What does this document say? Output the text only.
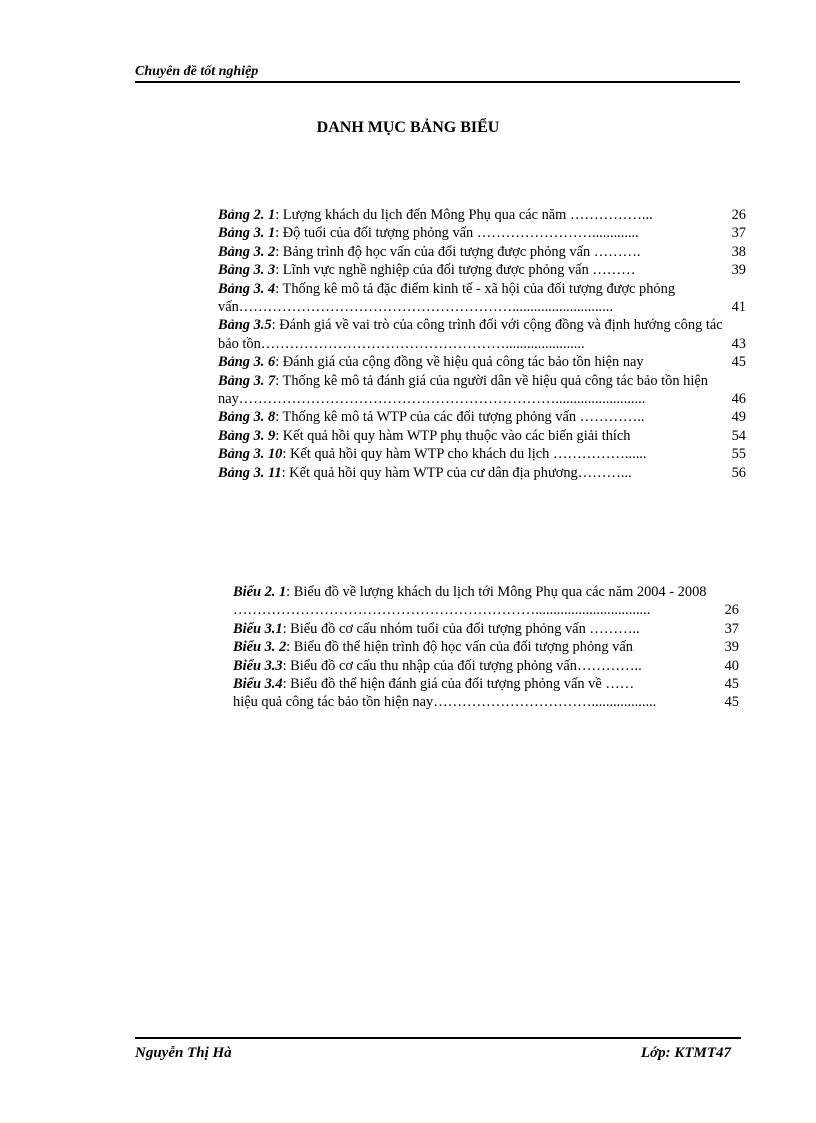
Chuyên đề tốt nghiệp
DANH MỤC BẢNG BIỂU
Bảng 2. 1: Lượng khách du lịch đến Mông Phụ qua các năm ……………...	26
Bảng 3. 1: Độ tuổi của đối tượng phỏng vấn …………………….............	37
Bảng 3. 2: Bảng trình độ học vấn của đối tượng được phỏng vấn ……….	38
Bảng 3. 3: Lĩnh vực nghề nghiệp của đối tượng được phỏng vấn ………	39
Bảng 3. 4: Thống kê mô tả đặc điểm kinh tế - xã hội của đối tượng được phỏng vấn…………………………………………………............................	41
Bảng 3.5: Đánh giá về vai trò của công trình đối với cộng đồng và định hướng công tác bảo tồn……………………………………………......................	43
Bảng 3. 6: Đánh giá của cộng đồng về hiệu quả công tác bảo tồn hiện nay	45
Bảng 3. 7: Thống kê mô tả đánh giá của người dân về hiệu quả công tác bảo tồn hiện nay………………………………………………………….........................	46
Bảng 3. 8: Thống kê mô tả WTP của các đối tượng phỏng vấn …………..	49
Bảng 3. 9: Kết quả hồi quy hàm WTP phụ thuộc vào các biến giải thích	54
Bảng 3. 10: Kết quả hồi quy hàm WTP cho khách du lịch ……………......	55
Bảng 3. 11: Kết quả hồi quy hàm WTP của cư dân địa phương………...	56
Biểu 2. 1: Biểu đồ về lượng khách du lịch tới Mông Phụ qua các năm 2004 - 2008 ………………………………………………………................................	26
Biểu 3.1: Biểu đồ cơ cấu nhóm tuổi của đối tượng phỏng vấn ………..	37
Biểu 3. 2: Biểu đồ thể hiện trình độ học vấn của đối tượng phỏng vấn	39
Biểu 3.3: Biểu đồ cơ cấu thu nhập của đối tượng phỏng vấn…………..	40
Biểu 3.4: Biểu đồ thể hiện đánh giá của đối tượng phỏng vấn về ……	45
hiệu quả công tác bảo tồn hiện nay……………………………..................	45
Nguyễn Thị Hà	Lớp: KTMT47
